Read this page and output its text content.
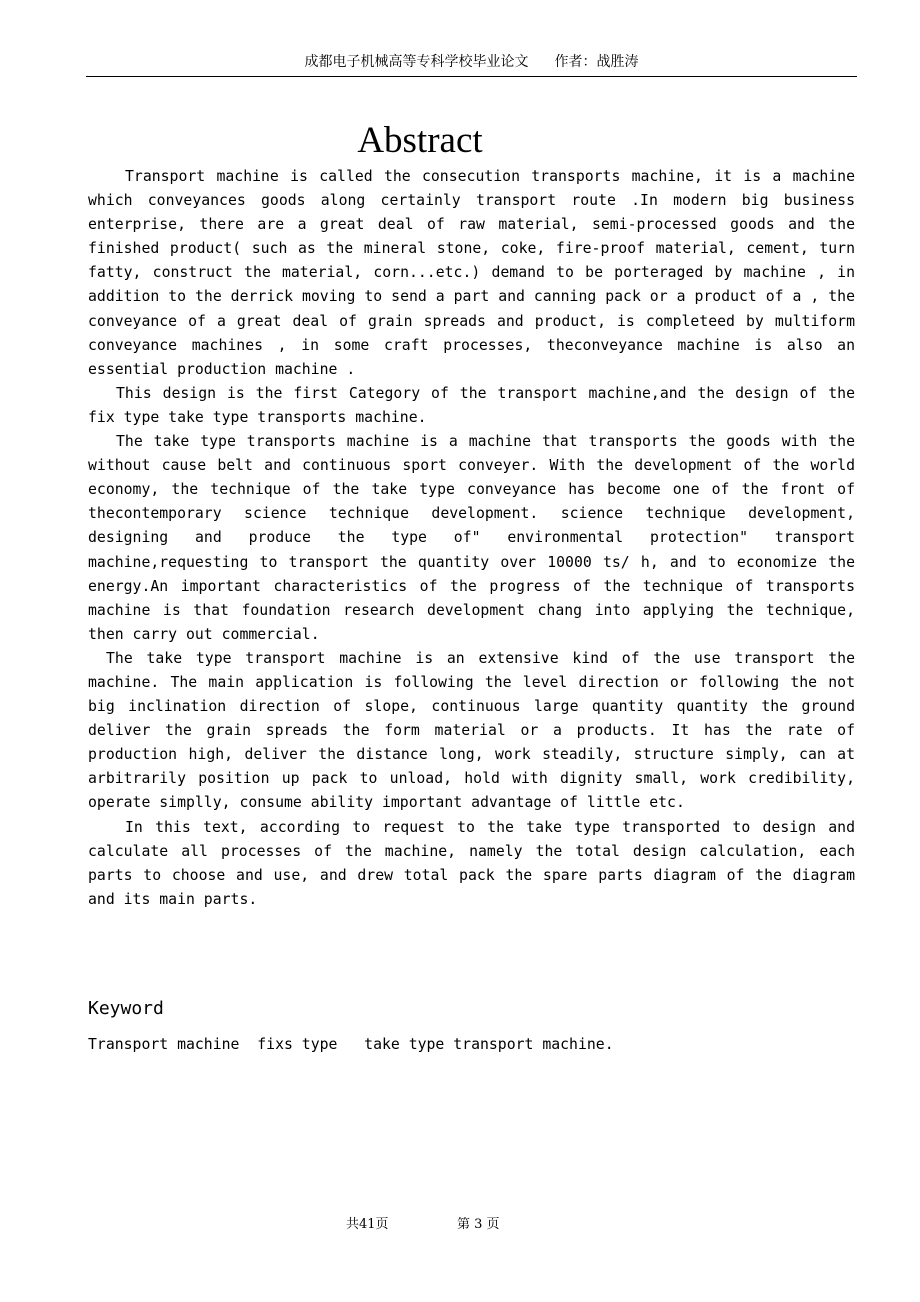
成都电子机械高等专科学校毕业论文 作者：战胜涛
Abstract

Transport machine is called the consecution transports machine, it is a machine which conveyances goods along certainly transport route .In modern big business enterprise, there are a great deal of raw material, semi-processed goods and the finished product( such as the mineral stone, coke, fire-proof material, cement, turn fatty, construct the material, corn...etc.) demand to be porteraged by machine , in addition to the derrick moving to send a part and canning pack or a product of a , the conveyance of a great deal of grain spreads and product, is completeed by multiform conveyance machines , in some craft processes, theconveyance machine is also an essential production machine .

This design is the first Category of the transport machine,and the design of the fix type take type transports machine.

The take type transports machine is a machine that transports the goods with the without cause belt and continuous sport conveyer. With the development of the world economy, the technique of the take type conveyance has become one of the front of thecontemporary science technique development. science technique development, designing and produce the type of" environmental protection" transport machine,requesting to transport the quantity over 10000 ts/ h, and to economize the energy.An important characteristics of the progress of the technique of transports machine is that foundation research development chang into applying the technique, then carry out commercial.

The take type transport machine is an extensive kind of the use transport the machine. The main application is following the level direction or following the not big inclination direction of slope, continuous large quantity quantity the ground deliver the grain spreads the form material or a products. It has the rate of production high, deliver the distance long, work steadily, structure simply, can at arbitrarily position up pack to unload, hold with dignity small, work credibility, operate simplly, consume ability important advantage of little etc.

In this text, according to request to the take type transported to design and calculate all processes of the machine, namely the total design calculation, each parts to choose and use, and drew total pack the spare parts diagram of the diagram and its main parts.

Keyword
Transport machine  fixs type   take type transport machine.
共41页	第 3 页
